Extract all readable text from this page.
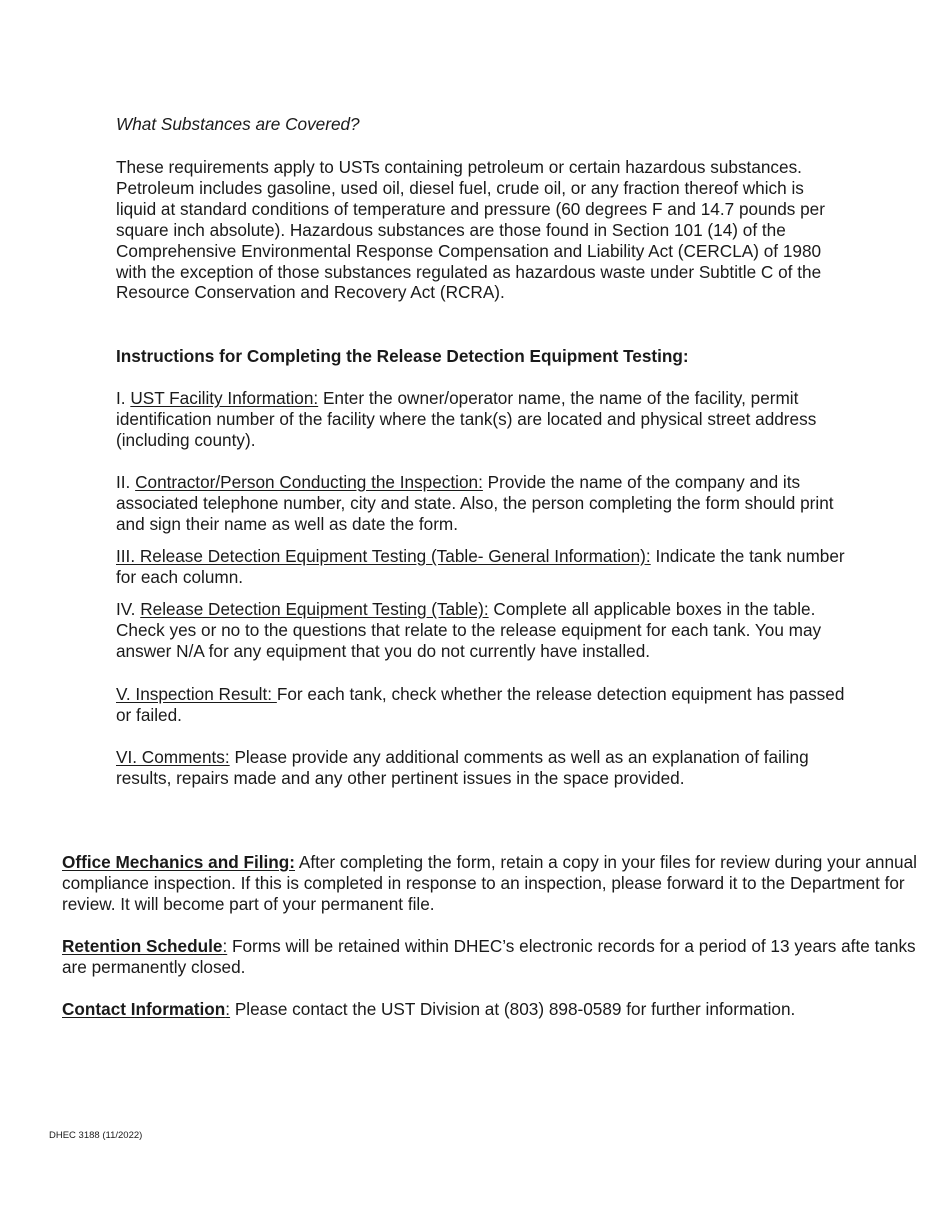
What Substances are Covered?

These requirements apply to USTs containing petroleum or certain hazardous substances. Petroleum includes gasoline, used oil, diesel fuel, crude oil, or any fraction thereof which is liquid at standard conditions of temperature and pressure (60 degrees F and 14.7 pounds per square inch absolute). Hazardous substances are those found in Section 101 (14) of the Comprehensive Environmental Response Compensation and Liability Act (CERCLA) of 1980 with the exception of those substances regulated as hazardous waste under Subtitle C of the Resource Conservation and Recovery Act (RCRA).

Instructions for Completing the Release Detection Equipment Testing:

I. UST Facility Information: Enter the owner/operator name, the name of the facility, permit identification number of the facility where the tank(s) are located and physical street address (including county).

II. Contractor/Person Conducting the Inspection: Provide the name of the company and its associated telephone number, city and state. Also, the person completing the form should print and sign their name as well as date the form.

III. Release Detection Equipment Testing (Table- General Information): Indicate the tank number for each column.

IV. Release Detection Equipment Testing (Table): Complete all applicable boxes in the table. Check yes or no to the questions that relate to the release equipment for each tank. You may answer N/A for any equipment that you do not currently have installed.

V. Inspection Result: For each tank, check whether the release detection equipment has passed or failed.

VI. Comments: Please provide any additional comments as well as an explanation of failing results, repairs made and any other pertinent issues in the space provided.

Office Mechanics and Filing: After completing the form, retain a copy in your files for review during your annual compliance inspection. If this is completed in response to an inspection, please forward it to the Department for review. It will become part of your permanent file.

Retention Schedule: Forms will be retained within DHEC’s electronic records for a period of 13 years afte tanks are permanently closed.

Contact Information: Please contact the UST Division at (803) 898-0589 for further information.

DHEC 3188 (11/2022)
